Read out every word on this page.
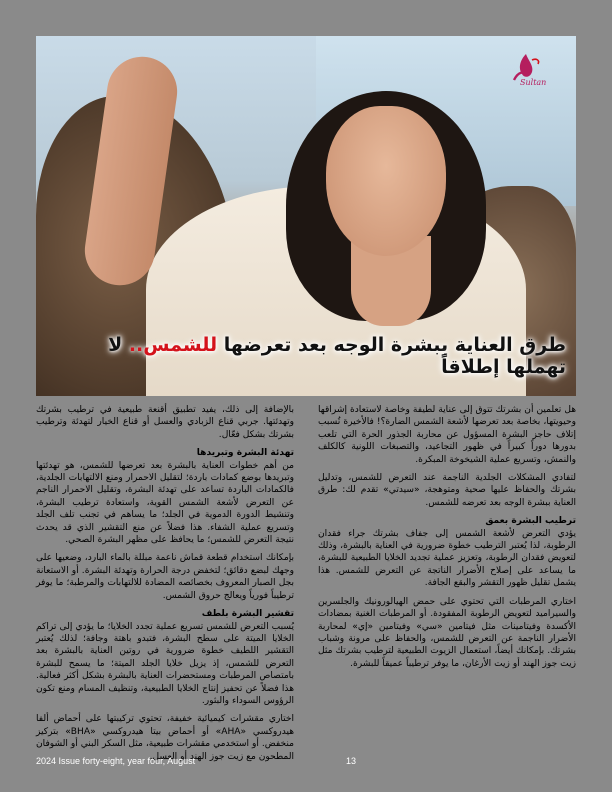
Sultan
طرق العناية ببشرة الوجه بعد تعرضها للشمس.. لا تهملها إطلاقاً

هل تعلمين أن بشرتك تتوق إلى عناية لطيفة وخاصة لاستعادة إشراقها وحيويتها، بخاصة بعد تعرضها لأشعة الشمس الضارة؟! فالأخيرة تُسبب إتلاف حاجز البشرة المسؤول عن محاربة الجذور الحرة التي تلعب بدورها دوراً كبيراً في ظهور التجاعيد، والتصبغات اللونية كالكلف والنمش، وتسريع عملية الشيخوخة المبكرة.

لتفادي المشكلات الجلدية الناجمة عند التعرض للشمس، وتدليل بشرتك والحفاظ عليها صحية ومتوهجة، «سيدتي» تقدم لك: طرق العناية ببشرة الوجه بعد تعرضه للشمس.

ترطيب البشرة بعمق

يؤدي التعرض لأشعة الشمس إلى جفاف بشرتك جراء فقدان الرطوبة، لذا يُعتبر الترطيب خطوة ضرورية في العناية بالبشرة، وذلك لتعويض فقدان الرطوبة، وتعزيز عملية تجديد الخلايا الطبيعية للبشرة، ما يساعد على إصلاح الأضرار الناتجة عن التعرض للشمس. هذا يشمل تقليل ظهور التقشر والبقع الجافة.

اختاري المرطبات التي تحتوي على حمض الهيالورونيك والجلسرين والسيراميد لتعويض الرطوبة المفقودة. أو المرطبات الغنية بمضادات الأكسدة وفيتامينات مثل فيتامين «سي» وفيتامين «إي» لمحاربة الأضرار الناجمة عن التعرض للشمس، والحفاظ على مرونة وشباب بشرتك. بإمكانك أيضاً، استعمال الزيوت الطبيعية لترطيب بشرتك مثل زيت جوز الهند أو زيت الأرغان، ما يوفر ترطيباً عميقاً للبشرة.

بالإضافة إلى ذلك، يفيد تطبيق أقنعة طبيعية في ترطيب بشرتك وتهدئتها. جربي قناع الزبادي والعسل أو قناع الخيار لتهدئة وترطيب بشرتك بشكل فعّال.

تهدئة البشرة وتبريدها

من أهم خطوات العناية بالبشرة بعد تعرضها للشمس، هو تهدئتها وتبريدها بوضع كمادات باردة؛ لتقليل الاحمرار ومنع الالتهابات الجلدية، فالكمادات الباردة تساعد على تهدئة البشرة، وتقليل الاحمرار الناجم عن التعرض لأشعة الشمس القوية، واستعادة ترطيب البشرة، وتنشيط الدورة الدموية في الجلد؛ ما يساهم في تجنب تلف الجلد وتسريع عملية الشفاء. هذا فضلاً عن منع التقشير الذي قد يحدث نتيجة التعرض للشمس؛ ما يحافظ على مظهر البشرة الصحي.

بإمكانك استخدام قطعة قماش ناعمة مبللة بالماء البارد، وضعيها على وجهك لبضع دقائق؛ لتخفض درجة الحرارة وتهدئة البشرة. أو الاستعانة بجل الصبار المعروف بخصائصه المضادة للالتهابات والمرطبة؛ ما يوفر ترطيباً فورياً ويعالج حروق الشمس.

تقشير البشرة بلطف

يُسبب التعرض للشمس تسريع عملية تجدد الخلايا؛ ما يؤدي إلى تراكم الخلايا الميتة على سطح البشرة، فتبدو باهتة وجافة؛ لذلك يُعتبر التقشير اللطيف خطوة ضرورية في روتين العناية بالبشرة بعد التعرض للشمس، إذ يزيل خلايا الجلد الميتة؛ ما يسمح للبشرة بامتصاص المرطبات ومستحضرات العناية بالبشرة بشكل أكثر فعالية. هذا فضلاً عن تحفيز إنتاج الخلايا الطبيعية، وتنظيف المسام ومنع تكون الرؤوس السوداء والبثور.

اختاري مقشرات كيميائية خفيفة، تحتوي تركيبتها على أحماض ألفا هيدروكسي «AHA» أو أحماض بيتا هيدروكسي «BHA» بتركيز منخفض. أو استخدمي مقشرات طبيعية، مثل السكر البني أو الشوفان المطحون مع زيت جوز الهند أو العسل.

2024 Issue forty-eight, year four, August	13
